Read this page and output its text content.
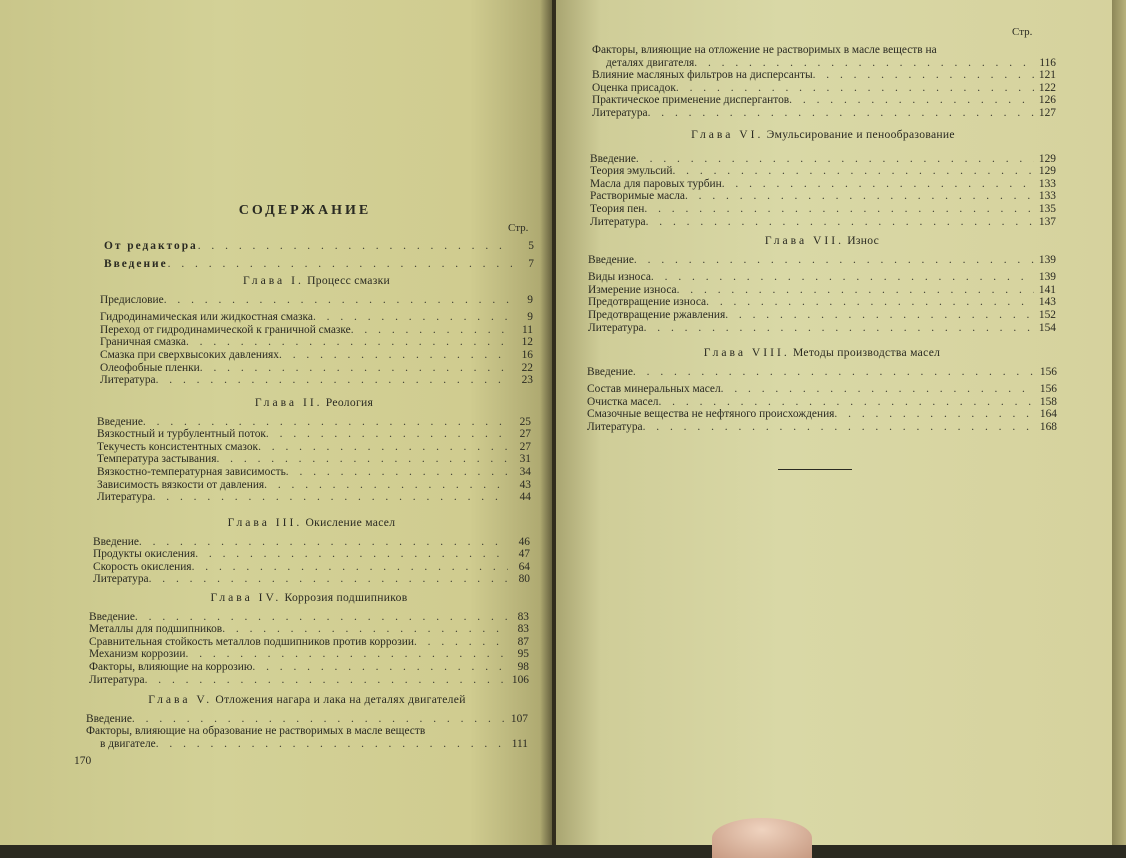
СОДЕРЖАНИЕ
Стр.
От редактора . . .	5
Введение . . .	7
Глава I. Процесс смазки
Предисловие . . .	9
Гидродинамическая или жидкостная смазка . . .	9
Переход от гидродинамической к граничной смазке . . .	11
Граничная смазка . . .	12
Смазка при сверхвысоких давлениях . . .	16
Олеофобные пленки . . .	22
Литература . . .	23
Глава II. Реология
Введение . . .	25
Вязкостный и турбулентный поток . . .	27
Текучесть консистентных смазок . . .	27
Температура застывания . . .	31
Вязкостно-температурная зависимость . . .	34
Зависимость вязкости от давления . . .	43
Литература . . .	44
Глава III. Окисление масел
Введение . . .	46
Продукты окисления . . .	47
Скорость окисления . . .	64
Литература . . .	80
Глава IV. Коррозия подшипников
Введение . . .	83
Металлы для подшипников . . .	83
Сравнительная стойкость металлов подшипников против коррозии . . .	87
Механизм коррозии . . .	95
Факторы, влияющие на коррозию . . .	98
Литература . . .	106
Глава V. Отложения нагара и лака на деталях двигателей
Введение . . .	107
Факторы, влияющие на образование не растворимых в масле веществ
в двигателе . . .	111
170
Стр.
Факторы, влияющие на отложение не растворимых в масле веществ на
деталях двигателя . . .	116
Влияние масляных фильтров на дисперсанты . . .	121
Оценка присадок . . .	122
Практическое применение диспергантов . . .	126
Литература . . .	127
Глава VI. Эмульсирование и пенообразование
Введение . . .	129
Теория эмульсий . . .	129
Масла для паровых турбин . . .	133
Растворимые масла . . .	133
Теория пен . . .	135
Литература . . .	137
Глава VII. Износ
Введение . . .	139
Виды износа . . .	139
Измерение износа . . .	141
Предотвращение износа . . .	143
Предотвращение ржавления . . .	152
Литература . . .	154
Глава VIII. Методы производства масел
Введение . . .	156
Состав минеральных масел . . .	156
Очистка масел . . .	158
Смазочные вещества не нефтяного происхождения . . .	164
Литература . . .	168
